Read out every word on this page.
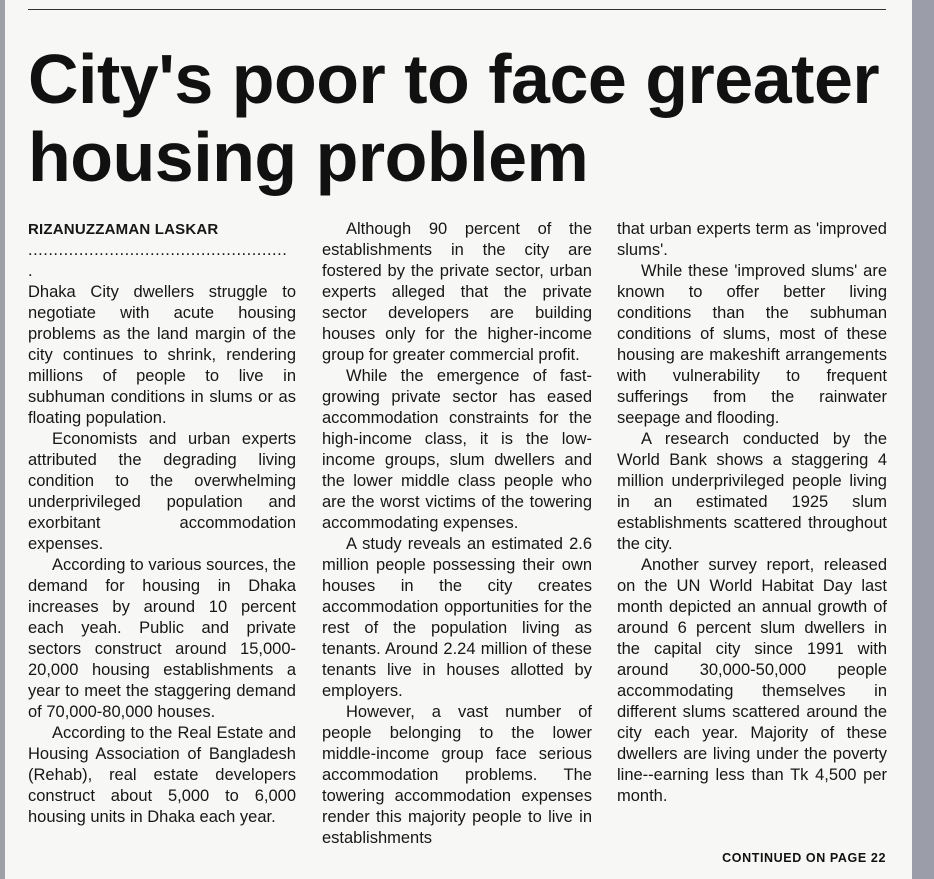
City's poor to face greater
housing problem
RIZANUZZAMAN LASKAR
...................................................
.

Dhaka City dwellers struggle to negotiate with acute housing problems as the land margin of the city continues to shrink, rendering millions of people to live in subhuman conditions in slums or as floating population.

Economists and urban experts attributed the degrading living condition to the overwhelming underprivileged population and exorbitant accommodation expenses.

According to various sources, the demand for housing in Dhaka increases by around 10 percent each yeah. Public and private sectors construct around 15,000-20,000 housing establishments a year to meet the staggering demand of 70,000-80,000 houses.

According to the Real Estate and Housing Association of Bangladesh (Rehab), real estate developers construct about 5,000 to 6,000 housing units in Dhaka each year.

Although 90 percent of the establishments in the city are fostered by the private sector, urban experts alleged that the private sector developers are building houses only for the higher-income group for greater commercial profit.

While the emergence of fast-growing private sector has eased accommodation constraints for the high-income class, it is the low-income groups, slum dwellers and the lower middle class people who are the worst victims of the towering accommodating expenses.

A study reveals an estimated 2.6 million people possessing their own houses in the city creates accommodation opportunities for the rest of the population living as tenants. Around 2.24 million of these tenants live in houses allotted by employers.

However, a vast number of people belonging to the lower middle-income group face serious accommodation problems. The towering accommodation expenses render this majority people to live in establishments

that urban experts term as 'improved slums'.

While these 'improved slums' are known to offer better living conditions than the subhuman conditions of slums, most of these housing are makeshift arrangements with vulnerability to frequent sufferings from the rainwater seepage and flooding.

A research conducted by the World Bank shows a staggering 4 million underprivileged people living in an estimated 1925 slum establishments scattered throughout the city.

Another survey report, released on the UN World Habitat Day last month depicted an annual growth of around 6 percent slum dwellers in the capital city since 1991 with around 30,000-50,000 people accommodating themselves in different slums scattered around the city each year. Majority of these dwellers are living under the poverty line--earning less than Tk 4,500 per month.

CONTINUED ON PAGE 22
